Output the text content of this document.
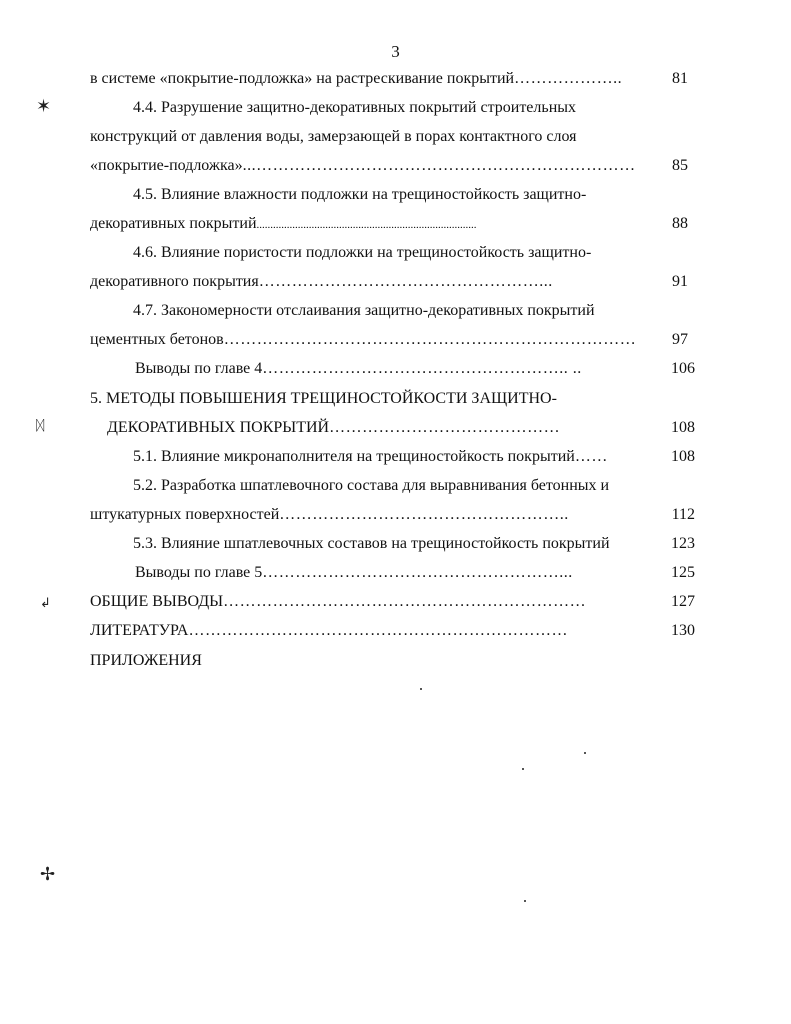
3
✶
ᛞ
↲
✢
в системе «покрытие-подложка» на растрескивание покрытий………………..	81
4.4. Разрушение защитно-декоративных покрытий строительных
конструкций от давления воды, замерзающей в порах контактного слоя
«покрытие-подложка»...……………………………………………………………	85
4.5. Влияние влажности подложки на трещиностойкость защитно-
декоративных покрытий................................................................................	88
4.6. Влияние пористости подложки на трещиностойкость защитно-
декоративного покрытия……………………………………………...	91
4.7. Закономерности отслаивания защитно-декоративных покрытий
цементных бетонов…………………………………………………………………	97
Выводы по главе 4……………………………………………….. ..	106
5. МЕТОДЫ ПОВЫШЕНИЯ ТРЕЩИНОСТОЙКОСТИ ЗАЩИТНО-
ДЕКОРАТИВНЫХ ПОКРЫТИЙ……………………………………	108
5.1. Влияние микронаполнителя на трещиностойкость покрытий……	108
5.2. Разработка шпатлевочного состава для выравнивания бетонных и
штукатурных поверхностей……………………………………………..	112
5.3. Влияние шпатлевочных составов на трещиностойкость покрытий	123
Выводы по главе 5………………………………………………...	125
ОБЩИЕ ВЫВОДЫ…………………………………………………………	127
ЛИТЕРАТУРА……………………………………………………………	130
ПРИЛОЖЕНИЯ
